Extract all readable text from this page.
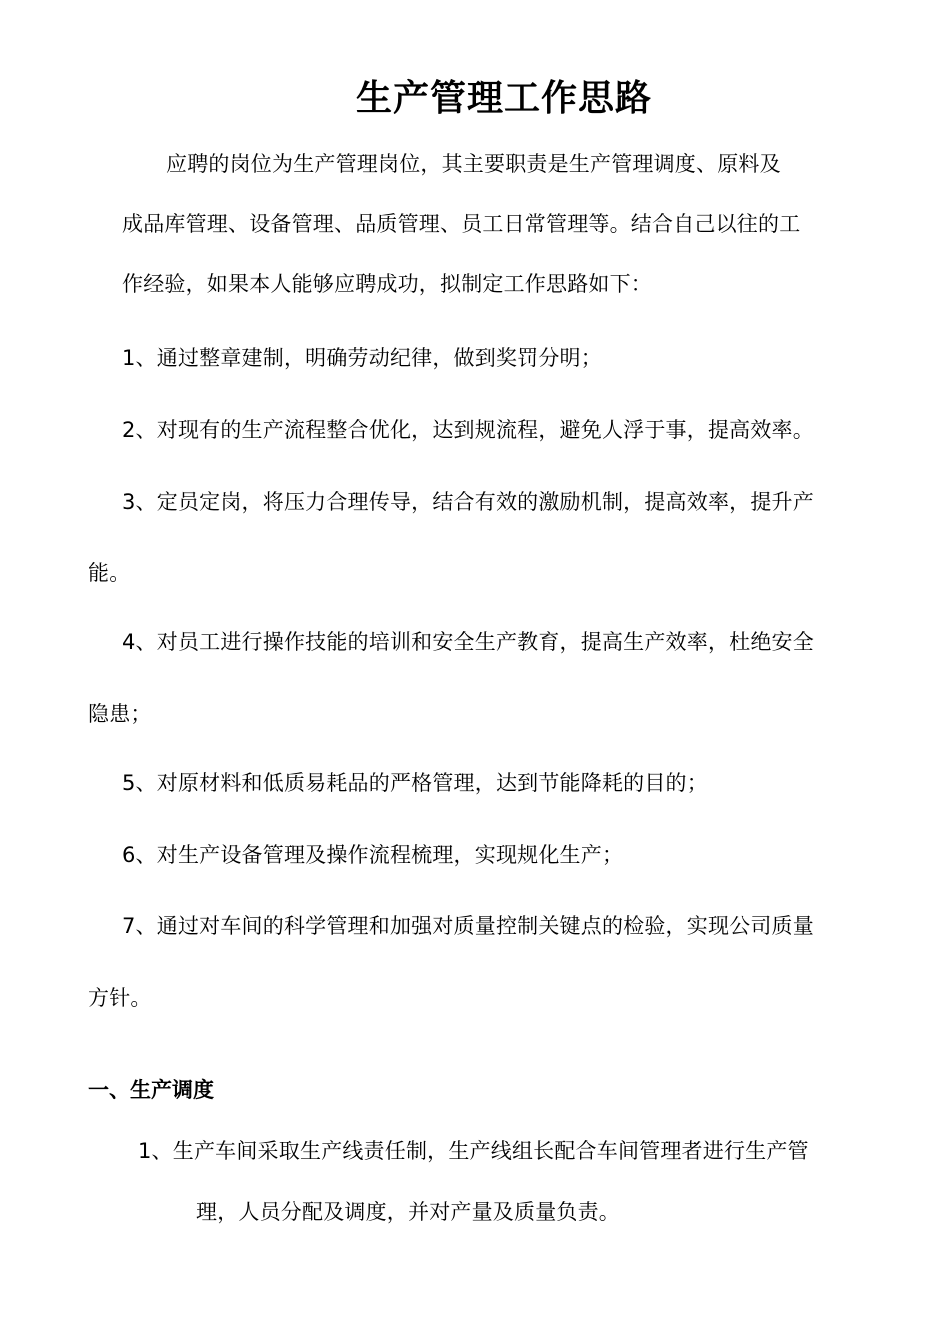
生产管理工作思路
应聘的岗位为生产管理岗位，其主要职责是生产管理调度、原料及
成品库管理、设备管理、品质管理、员工日常管理等。结合自己以往的工
作经验，如果本人能够应聘成功，拟制定工作思路如下：
1、通过整章建制，明确劳动纪律，做到奖罚分明；
2、对现有的生产流程整合优化，达到规流程，避免人浮于事，提高效率。
3、定员定岗，将压力合理传导，结合有效的激励机制，提高效率，提升产
能。
4、对员工进行操作技能的培训和安全生产教育，提高生产效率，杜绝安全
隐患；
5、对原材料和低质易耗品的严格管理，达到节能降耗的目的；
6、对生产设备管理及操作流程梳理，实现规化生产；
7、通过对车间的科学管理和加强对质量控制关键点的检验，实现公司质量
方针。
一、生产调度
1、生产车间采取生产线责任制，生产线组长配合车间管理者进行生产管
理，人员分配及调度，并对产量及质量负责。
